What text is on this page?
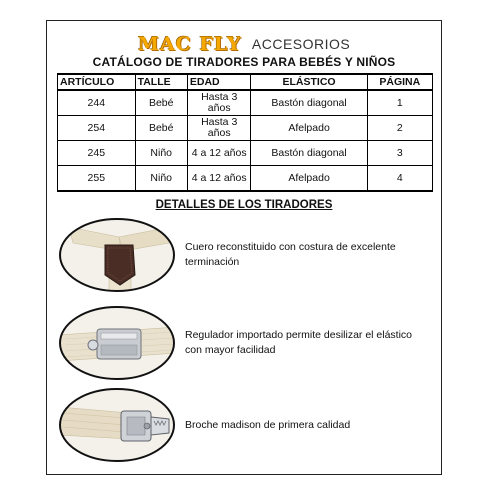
MAC FLY ACCESORIOS
CATÁLOGO DE TIRADORES PARA BEBÉS Y NIÑOS
ARTÍCULO	TALLE	EDAD	ELÁSTICO	PÁGINA
244	Bebé	Hasta 3 años	Bastón diagonal	1
254	Bebé	Hasta 3 años	Afelpado	2
245	Niño	4 a 12 años	Bastón diagonal	3
255	Niño	4 a 12 años	Afelpado	4
DETALLES DE LOS TIRADORES
Cuero reconstituido con costura de excelente terminación
Regulador importado permite desilizar el elástico con mayor facilidad
Broche madison de primera calidad
